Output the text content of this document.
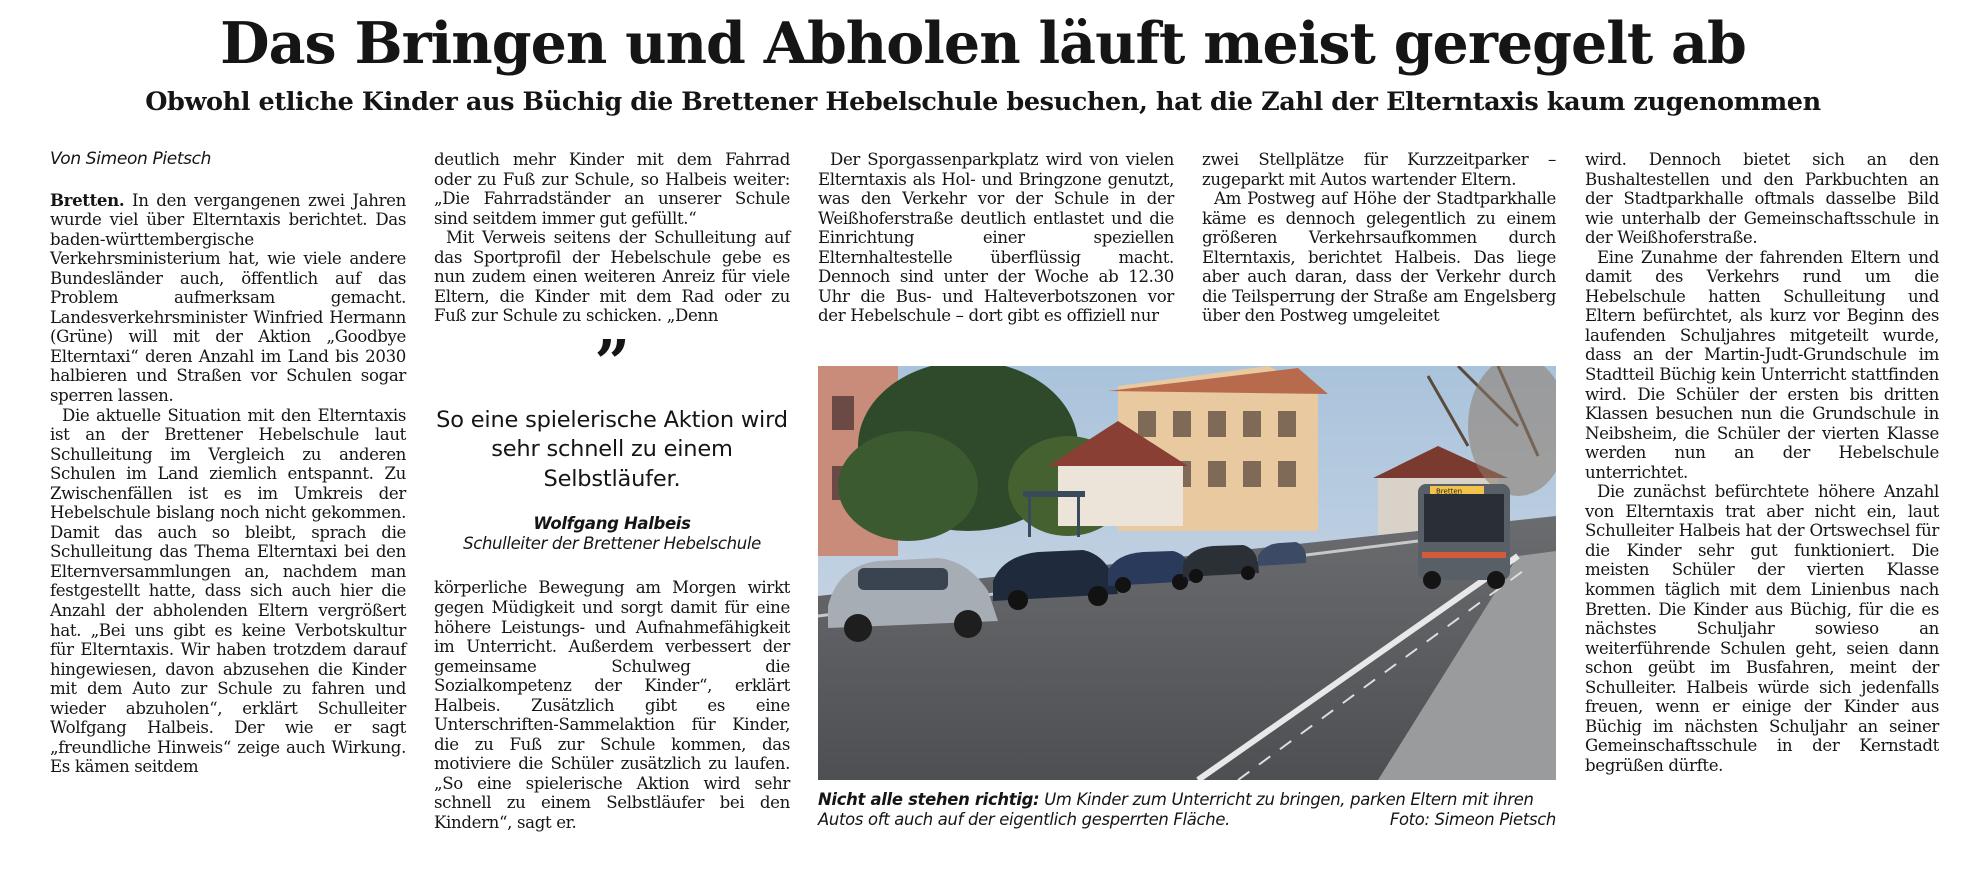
Das Bringen und Abholen läuft meist geregelt ab
Obwohl etliche Kinder aus Büchig die Brettener Hebelschule besuchen, hat die Zahl der Elterntaxis kaum zugenommen
Von Simeon Pietsch

Bretten. In den vergangenen zwei Jahren wurde viel über Elterntaxis berichtet. Das baden-württembergische Verkehrsministerium hat, wie viele andere Bundesländer auch, öffentlich auf das Problem aufmerksam gemacht. Landesverkehrsminister Winfried Hermann (Grüne) will mit der Aktion „Goodbye Elterntaxi“ deren Anzahl im Land bis 2030 halbieren und Straßen vor Schulen sogar sperren lassen.

Die aktuelle Situation mit den Elterntaxis ist an der Brettener Hebelschule laut Schulleitung im Vergleich zu anderen Schulen im Land ziemlich entspannt. Zu Zwischenfällen ist es im Umkreis der Hebelschule bislang noch nicht gekommen. Damit das auch so bleibt, sprach die Schulleitung das Thema Elterntaxi bei den Elternversammlungen an, nachdem man festgestellt hatte, dass sich auch hier die Anzahl der abholenden Eltern vergrößert hat. „Bei uns gibt es keine Verbotskultur für Elterntaxis. Wir haben trotzdem darauf hingewiesen, davon abzusehen die Kinder mit dem Auto zur Schule zu fahren und wieder abzuholen“, erklärt Schulleiter Wolfgang Halbeis. Der wie er sagt „freundliche Hinweis“ zeige auch Wirkung. Es kämen seitdem

deutlich mehr Kinder mit dem Fahrrad oder zu Fuß zur Schule, so Halbeis weiter: „Die Fahrradständer an unserer Schule sind seitdem immer gut gefüllt.“

Mit Verweis seitens der Schulleitung auf das Sportprofil der Hebelschule gebe es nun zudem einen weiteren Anreiz für viele Eltern, die Kinder mit dem Rad oder zu Fuß zur Schule zu schicken. „Denn

”
So eine spielerische Aktion wird sehr schnell zu einem Selbstläufer.
Wolfgang Halbeis
Schulleiter der Brettener Hebelschule

körperliche Bewegung am Morgen wirkt gegen Müdigkeit und sorgt damit für eine höhere Leistungs- und Aufnahmefähigkeit im Unterricht. Außerdem verbessert der gemeinsame Schulweg die Sozialkompetenz der Kinder“, erklärt Halbeis. Zusätzlich gibt es eine Unterschriften-Sammelaktion für Kinder, die zu Fuß zur Schule kommen, das motiviere die Schüler zusätzlich zu laufen. „So eine spielerische Aktion wird sehr schnell zu einem Selbstläufer bei den Kindern“, sagt er.

Der Sporgassenparkplatz wird von vielen Elterntaxis als Hol- und Bringzone genutzt, was den Verkehr vor der Schule in der Weißhoferstraße deutlich entlastet und die Einrichtung einer speziellen Elternhaltestelle überflüssig macht. Dennoch sind unter der Woche ab 12.30 Uhr die Bus- und Halteverbotszonen vor der Hebelschule – dort gibt es offiziell nur

zwei Stellplätze für Kurzzeitparker – zugeparkt mit Autos wartender Eltern.

Am Postweg auf Höhe der Stadtparkhalle käme es dennoch gelegentlich zu einem größeren Verkehrsaufkommen durch Elterntaxis, berichtet Halbeis. Das liege aber auch daran, dass der Verkehr durch die Teilsperrung der Straße am Engelsberg über den Postweg umgeleitet

wird. Dennoch bietet sich an den Bushaltestellen und den Parkbuchten an der Stadtparkhalle oftmals dasselbe Bild wie unterhalb der Gemeinschaftsschule in der Weißhoferstraße.

Eine Zunahme der fahrenden Eltern und damit des Verkehrs rund um die Hebelschule hatten Schulleitung und Eltern befürchtet, als kurz vor Beginn des laufenden Schuljahres mitgeteilt wurde, dass an der Martin-Judt-Grundschule im Stadtteil Büchig kein Unterricht stattfinden wird. Die Schüler der ersten bis dritten Klassen besuchen nun die Grundschule in Neibsheim, die Schüler der vierten Klasse werden nun an der Hebelschule unterrichtet.

Die zunächst befürchtete höhere Anzahl von Elterntaxis trat aber nicht ein, laut Schulleiter Halbeis hat der Ortswechsel für die Kinder sehr gut funktioniert. Die meisten Schüler der vierten Klasse kommen täglich mit dem Linienbus nach Bretten. Die Kinder aus Büchig, für die es nächstes Schuljahr sowieso an weiterführende Schulen geht, seien dann schon geübt im Busfahren, meint der Schulleiter. Halbeis würde sich jedenfalls freuen, wenn er einige der Kinder aus Büchig im nächsten Schuljahr an seiner Gemeinschaftsschule in der Kernstadt begrüßen dürfte.

Bretten
Nicht alle stehen richtig: Um Kinder zum Unterricht zu bringen, parken Eltern mit ihren Autos oft auch auf der eigentlich gesperrten Fläche.	Foto: Simeon Pietsch
